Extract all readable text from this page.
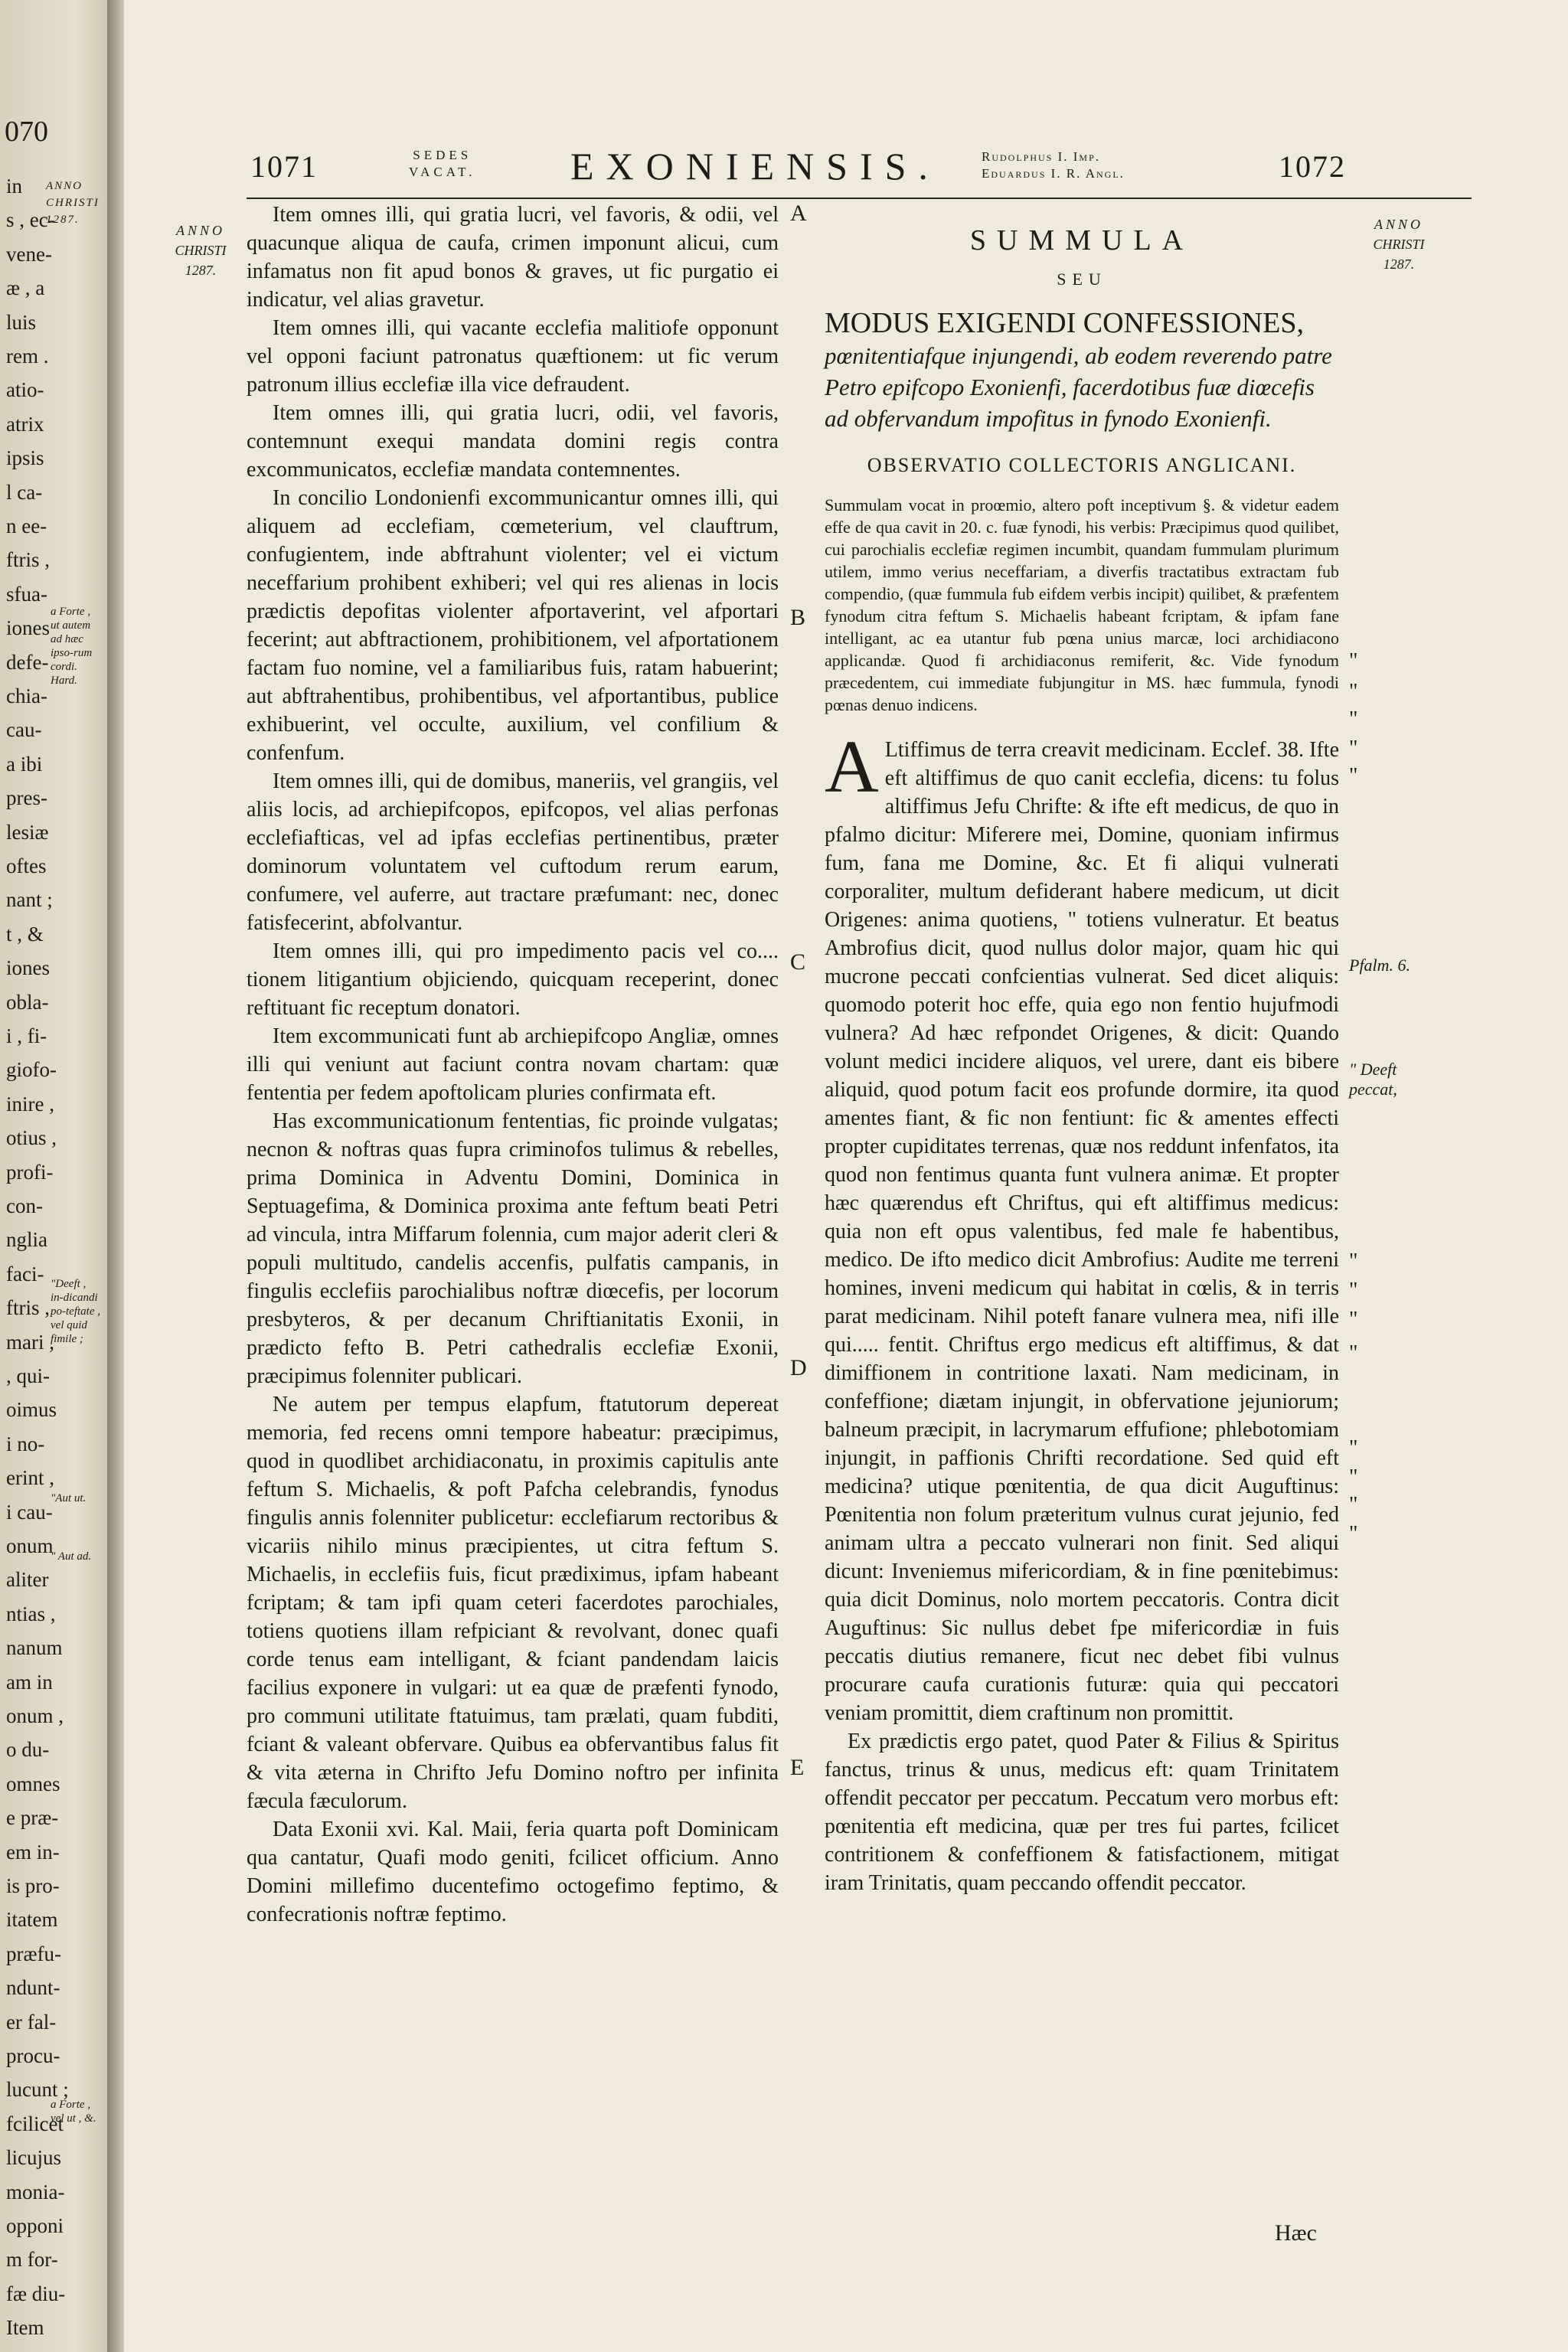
070
ANNO CHRISTI 1287.
in
s , ec-
vene-
æ , a
luis
rem .
atio-
atrix
ipsis
l ca-
n ee-
ftris ,
sfua-
iones
defe-
chia-
cau-
a ibi
pres-
lesiæ
oftes
nant ;
t , &
iones
obla-
i , fi-
giofo-
inire ,
otius ,
profi-
con-
nglia
faci-
ftris ,
mari ,
, qui-
oimus
i no-
erint ,
i cau-
onum
aliter
ntias ,
nanum
am in
onum ,
o du-
omnes
e præ-
em in-
is pro-
itatem
præfu-
ndunt-
er fal-
procu-
lucunt ;
fcilicet
licujus
monia-
opponi
m for-
fæ diu-
Item
a Forte , ut autem ad hæc ipso-rum cordi. Hard.
"Deeft , in-dicandi po-teftate , vel quid fimile ;
"Aut ut.
" Aut ad.
a Forte , vel ut , &.
1071	SEDES
VACAT. EXONIENSIS.	Rudolphus I. Imp.
Eduardus I. R. Angl.	1072
ANNO
CHRISTI
1287.
ANNO
CHRISTI
1287.

Item omnes illi, qui gratia lucri, vel favoris, & odii, vel quacunque aliqua de caufa, crimen imponunt alicui, cum infamatus non fit apud bonos & graves, ut fic purgatio ei indicatur, vel alias gravetur.

Item omnes illi, qui vacante ecclefia malitiofe opponunt vel opponi faciunt patronatus quæftionem: ut fic verum patronum illius ecclefiæ illa vice defraudent.

Item omnes illi, qui gratia lucri, odii, vel favoris, contemnunt exequi mandata domini regis contra excommunicatos, ecclefiæ mandata contemnentes.

In concilio Londonienfi excommunicantur omnes illi, qui aliquem ad ecclefiam, cœmeterium, vel clauftrum, confugientem, inde abftrahunt violenter; vel ei victum neceffarium prohibent exhiberi; vel qui res alienas in locis prædictis depofitas violenter afportaverint, vel afportari fecerint; aut abftractionem, prohibitionem, vel afportationem factam fuo nomine, vel a familiaribus fuis, ratam habuerint; aut abftrahentibus, prohibentibus, vel afportantibus, publice exhibuerint, vel occulte, auxilium, vel confilium & confenfum.

Item omnes illi, qui de domibus, maneriis, vel grangiis, vel aliis locis, ad archiepifcopos, epifcopos, vel alias perfonas ecclefiafticas, vel ad ipfas ecclefias pertinentibus, præter dominorum voluntatem vel cuftodum rerum earum, confumere, vel auferre, aut tractare præfumant: nec, donec fatisfecerint, abfolvantur.

Item omnes illi, qui pro impedimento pacis vel co.... tionem litigantium objiciendo, quicquam receperint, donec reftituant fic receptum donatori.

Item excommunicati funt ab archiepifcopo Angliæ, omnes illi qui veniunt aut faciunt contra novam chartam: quæ fententia per fedem apoftolicam pluries confirmata eft.

Has excommunicationum fententias, fic proinde vulgatas; necnon & noftras quas fupra criminofos tulimus & rebelles, prima Dominica in Adventu Domini, Dominica in Septuagefima, & Dominica proxima ante feftum beati Petri ad vincula, intra Miffarum folennia, cum major aderit cleri & populi multitudo, candelis accenfis, pulfatis campanis, in fingulis ecclefiis parochialibus noftræ diœcefis, per locorum presbyteros, & per decanum Chriftianitatis Exonii, in prædicto fefto B. Petri cathedralis ecclefiæ Exonii, præcipimus folenniter publicari.

Ne autem per tempus elapfum, ftatutorum depereat memoria, fed recens omni tempore habeatur: præcipimus, quod in quodlibet archidiaconatu, in proximis capitulis ante feftum S. Michaelis, & poft Pafcha celebrandis, fynodus fingulis annis folenniter publicetur: ecclefiarum rectoribus & vicariis nihilo minus præcipientes, ut citra feftum S. Michaelis, in ecclefiis fuis, ficut prædiximus, ipfam habeant fcriptam; & tam ipfi quam ceteri facerdotes parochiales, totiens quotiens illam refpiciant & revolvant, donec quafi corde tenus eam intelligant, & fciant pandendam laicis facilius exponere in vulgari: ut ea quæ de præfenti fynodo, pro communi utilitate ftatuimus, tam prælati, quam fubditi, fciant & valeant obfervare. Quibus ea obfervantibus falus fit & vita æterna in Chrifto Jefu Domino noftro per infinita fæcula fæculorum.

Data Exonii xvi. Kal. Maii, feria quarta poft Dominicam qua cantatur, Quafi modo geniti, fcilicet officium. Anno Domini millefimo ducentefimo octogefimo feptimo, & confecrationis noftræ feptimo.

A
B
C
D
E
SUMMULA
SEU

MODUS EXIGENDI CONFESSIONES,

pœnitentiafque injungendi, ab eodem reverendo patre Petro epifcopo Exonienfi, facerdotibus fuæ diœcefis ad obfervandum impofitus in fynodo Exonienfi.

OBSERVATIO COLLECTORIS ANGLICANI.
Summulam vocat in proœmio, altero poft inceptivum §. & videtur eadem effe de qua cavit in 20. c. fuæ fynodi, his verbis: Præcipimus quod quilibet, cui parochialis ecclefiæ regimen incumbit, quandam fummulam plurimum utilem, immo verius neceffariam, a diverfis tractatibus extractam fub compendio, (quæ fummula fub eifdem verbis incipit) quilibet, & præfentem fynodum citra feftum S. Michaelis habeant fcriptam, & ipfam fane intelligant, ac ea utantur fub pœna unius marcæ, loci archidiacono applicandæ. Quod fi archidiaconus remiferit, &c. Vide fynodum præcedentem, cui immediate fubjungitur in MS. hæc fummula, fynodi pœnas denuo indicens.

A Ltiffimus de terra creavit medicinam. Ecclef. 38. Ifte eft altiffimus de quo canit ecclefia, dicens: tu folus altiffimus Jefu Chrifte: & ifte eft medicus, de quo in pfalmo dicitur: Miferere mei, Domine, quoniam infirmus fum, fana me Domine, &c. Et fi aliqui vulnerati corporaliter, multum defiderant habere medicum, ut dicit Origenes: anima quotiens, " totiens vulneratur. Et beatus Ambrofius dicit, quod nullus dolor major, quam hic qui mucrone peccati confcientias vulnerat. Sed dicet aliquis: quomodo poterit hoc effe, quia ego non fentio hujufmodi vulnera? Ad hæc refpondet Origenes, & dicit: Quando volunt medici incidere aliquos, vel urere, dant eis bibere aliquid, quod potum facit eos profunde dormire, ita quod amentes fiant, & fic non fentiunt: fic & amentes effecti propter cupiditates terrenas, quæ nos reddunt infenfatos, ita quod non fentimus quanta funt vulnera animæ. Et propter hæc quærendus eft Chriftus, qui eft altiffimus medicus: quia non eft opus valentibus, fed male fe habentibus, medico. De ifto medico dicit Ambrofius: Audite me terreni homines, inveni medicum qui habitat in cœlis, & in terris parat medicinam. Nihil poteft fanare vulnera mea, nifi ille qui..... fentit. Chriftus ergo medicus eft altiffimus, & dat dimiffionem in contritione laxati. Nam medicinam, in confeffione; diætam injungit, in obfervatione jejuniorum; balneum præcipit, in lacrymarum effufione; phlebotomiam injungit, in paffionis Chrifti recordatione. Sed quid eft medicina? utique pœnitentia, de qua dicit Auguftinus: Pœnitentia non folum præteritum vulnus curat jejunio, fed animam ultra a peccato vulnerari non finit. Sed aliqui dicunt: Inveniemus mifericordiam, & in fine pœnitebimus: quia dicit Dominus, nolo mortem peccatoris. Contra dicit Auguftinus: Sic nullus debet fpe mifericordiæ in fuis peccatis diutius remanere, ficut nec debet fibi vulnus procurare caufa curationis futuræ: quia qui peccatori veniam promittit, diem craftinum non promittit.

Ex prædictis ergo patet, quod Pater & Filius & Spiritus fanctus, trinus & unus, medicus eft: quam Trinitatem offendit peccator per peccatum. Peccatum vero morbus eft: pœnitentia eft medicina, quæ per tres fui partes, fcilicet contritionem & confeffionem & fatisfactionem, mitigat iram Trinitatis, quam peccando offendit peccator.

Pfalm. 6.
" Deeft peccat,
"
"
"
"
"
"
"
"
"
"
"
"
"
Hæc
